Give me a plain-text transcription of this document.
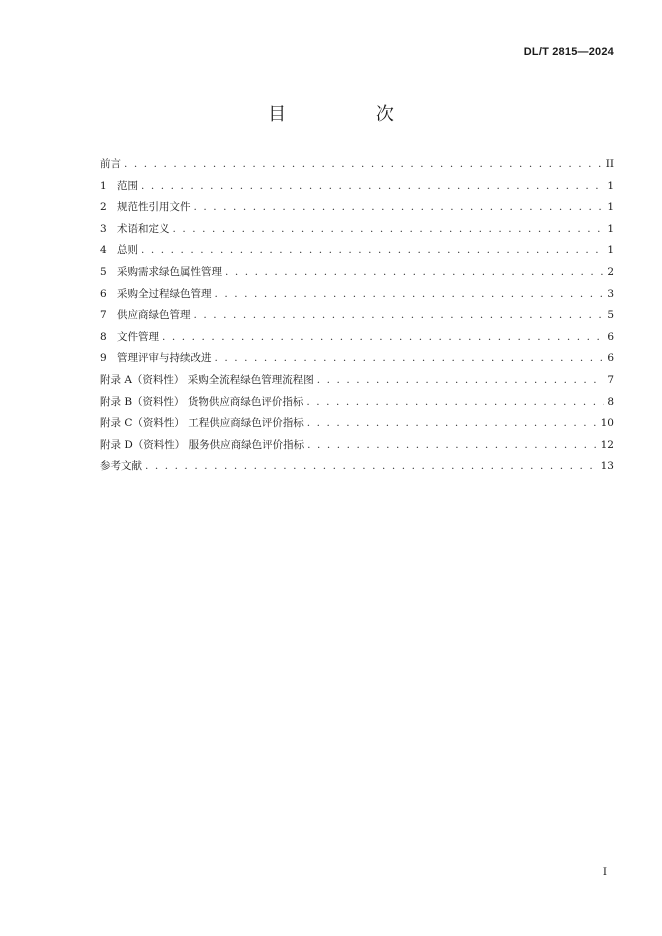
DL/T 2815—2024
目 次
前言 . . .	II
1 范围 . . .	1
2 规范性引用文件 . . .	1
3 术语和定义 . . .	1
4 总则 . . .	1
5 采购需求绿色属性管理 . . .	2
6 采购全过程绿色管理 . . .	3
7 供应商绿色管理 . . .	5
8 文件管理 . . .	6
9 管理评审与持续改进 . . .	6
附录 A（资料性） 采购全流程绿色管理流程图 . . .	7
附录 B（资料性） 货物供应商绿色评价指标 . . .	8
附录 C（资料性） 工程供应商绿色评价指标 . . .	10
附录 D（资料性） 服务供应商绿色评价指标 . . .	12
参考文献 . . .	13
I
